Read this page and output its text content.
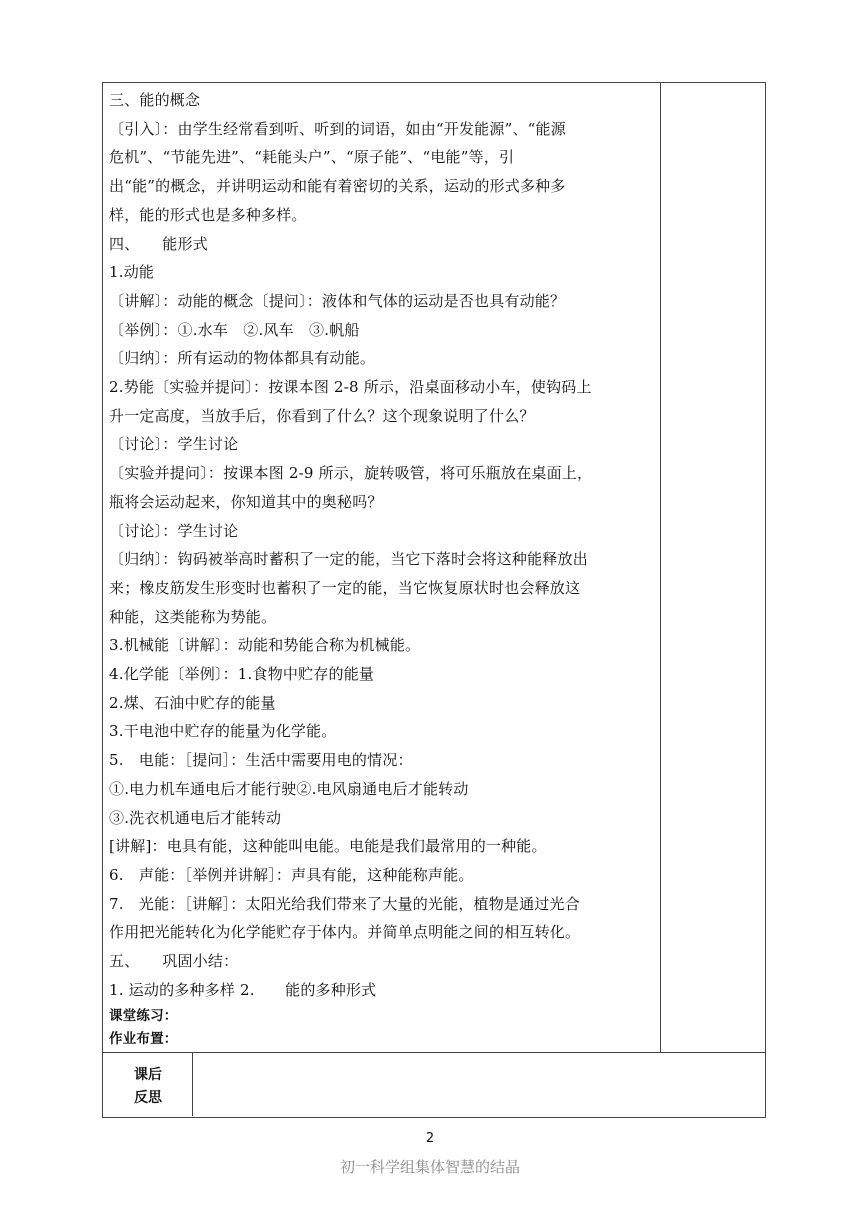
三、能的概念

〔引入〕：由学生经常看到听、听到的词语，如由“开发能源”、“能源

危机”、“节能先进”、“耗能头户”、“原子能”、“电能”等，引

出“能”的概念，并讲明运动和能有着密切的关系，运动的形式多种多

样，能的形式也是多种多样。

四、　　能形式

1.动能

〔讲解〕：动能的概念〔提问〕：液体和气体的运动是否也具有动能？

〔举例〕：①.水车　②.风车　③.帆船

〔归纳〕：所有运动的物体都具有动能。

2.势能〔实验并提问〕：按课本图 2-8 所示，沿桌面移动小车，使钩码上

升一定高度，当放手后，你看到了什么？这个现象说明了什么？

〔讨论〕：学生讨论

〔实验并提问〕：按课本图 2-9 所示，旋转吸管，将可乐瓶放在桌面上，

瓶将会运动起来，你知道其中的奥秘吗？

〔讨论〕：学生讨论

〔归纳〕：钩码被举高时蓄积了一定的能，当它下落时会将这种能释放出

来；橡皮筋发生形变时也蓄积了一定的能，当它恢复原状时也会释放这

种能，这类能称为势能。

3.机械能〔讲解〕：动能和势能合称为机械能。

4.化学能〔举例〕：1.食物中贮存的能量

2.煤、石油中贮存的能量

3.干电池中贮存的能量为化学能。

5.　电能：［提问］：生活中需要用电的情况：

①.电力机车通电后才能行驶②.电风扇通电后才能转动

③.洗衣机通电后才能转动

[讲解]：电具有能，这种能叫电能。电能是我们最常用的一种能。

6.　声能：［举例并讲解］：声具有能，这种能称声能。

7.　光能：［讲解］：太阳光给我们带来了大量的光能，植物是通过光合

作用把光能转化为化学能贮存于体内。并简单点明能之间的相互转化。

五、　　巩固小结：

1. 运动的多种多样 2.　　能的多种形式

课堂练习：

作业布置：

课后
反思
2
初一科学组集体智慧的结晶
